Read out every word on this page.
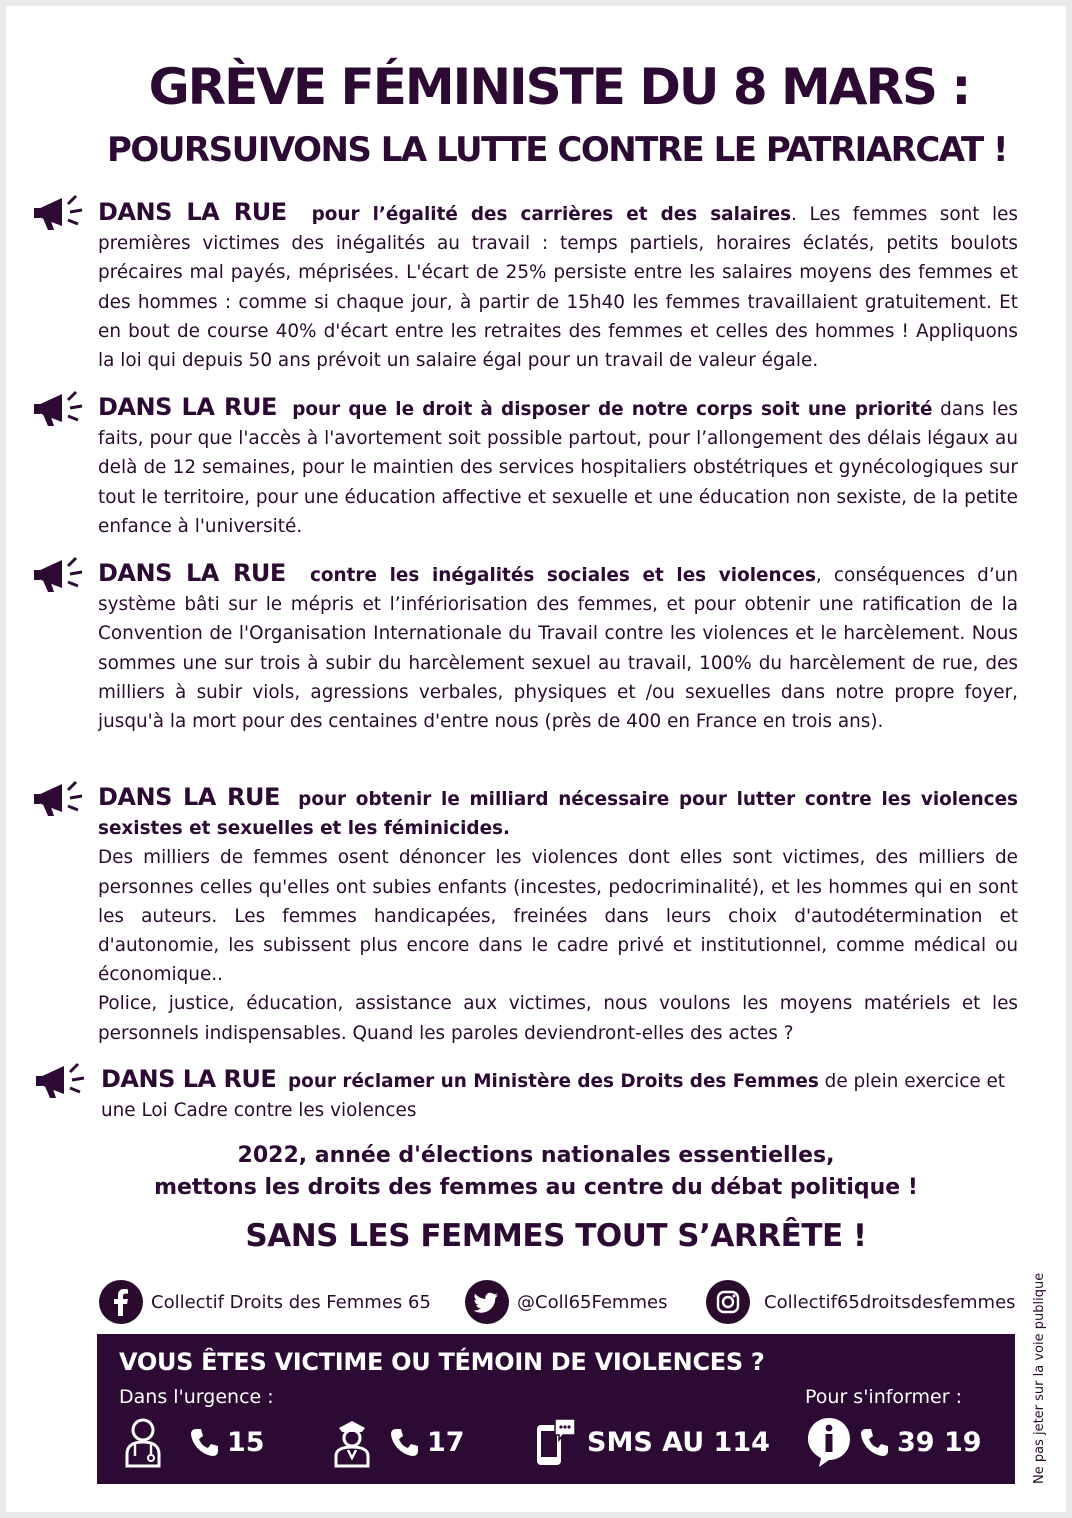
GRÈVE FÉMINISTE DU 8 MARS :
POURSUIVONS LA LUTTE CONTRE LE PATRIARCAT !

DANS LA RUE pour l’égalité des carrières et des salaires. Les femmes sont les premières victimes des inégalités au travail : temps partiels, horaires éclatés, petits boulots précaires mal payés, méprisées. L'écart de 25% persiste entre les salaires moyens des femmes et des hommes : comme si chaque jour, à partir de 15h40 les femmes travaillaient gratuitement. Et en bout de course 40% d'écart entre les retraites des femmes et celles des hommes ! Appliquons la loi qui depuis 50 ans prévoit un salaire égal pour un travail de valeur égale.

DANS LA RUE pour que le droit à disposer de notre corps soit une priorité dans les faits, pour que l'accès à l'avortement soit possible partout, pour l’allongement des délais légaux au delà de 12 semaines, pour le maintien des services hospitaliers obstétriques et gynécologiques sur tout le territoire, pour une éducation affective et sexuelle et une éducation non sexiste, de la petite enfance à l'université.

DANS LA RUE contre les inégalités sociales et les violences, conséquences d’un système bâti sur le mépris et l’infériorisation des femmes, et pour obtenir une ratification de la Convention de l'Organisation Internationale du Travail contre les violences et le harcèlement. Nous sommes une sur trois à subir du harcèlement sexuel au travail, 100% du harcèlement de rue, des milliers à subir viols, agressions verbales, physiques et /ou sexuelles dans notre propre foyer, jusqu'à la mort pour des centaines d'entre nous (près de 400 en France en trois ans).

DANS LA RUE pour obtenir le milliard nécessaire pour lutter contre les violences sexistes et sexuelles et les féminicides.

Des milliers de femmes osent dénoncer les violences dont elles sont victimes, des milliers de personnes celles qu'elles ont subies enfants (incestes, pedocriminalité), et les hommes qui en sont les auteurs. Les femmes handicapées, freinées dans leurs choix d'autodétermination et d'autonomie, les subissent plus encore dans le cadre privé et institutionnel, comme médical ou économique..

Police, justice, éducation, assistance aux victimes, nous voulons les moyens matériels et les personnels indispensables. Quand les paroles deviendront-elles des actes ?

DANS LA RUE pour réclamer un Ministère des Droits des Femmes de plein exercice et une Loi Cadre contre les violences

2022, année d'élections nationales essentielles,
mettons les droits des femmes au centre du débat politique !
SANS LES FEMMES TOUT S’ARRÊTE !
Collectif Droits des Femmes 65	@Coll65Femmes	Collectif65droitsdesfemmes
VOUS ÊTES VICTIME OU TÉMOIN DE VIOLENCES ?
Dans l'urgence :	Pour s'informer :
15	17	SMS AU 114	39 19	Ne pas jeter sur la voie publique
